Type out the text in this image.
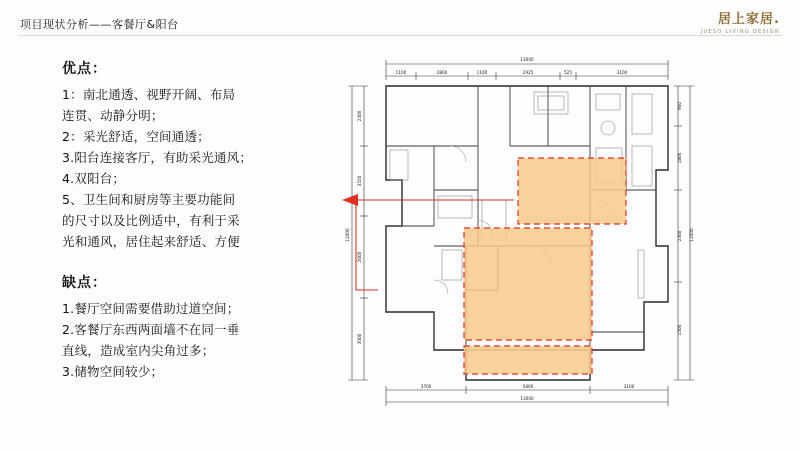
项目现状分析——客餐厅&阳台	居上家居.
JUESO LIVING DESIGN
优点：
1：南北通透、视野开阔、布局
连贯、动静分明；
2：采光舒适，空间通透；
3.阳台连接客厅，有助采光通风；
4.双阳台；
5、卫生间和厨房等主要功能间
的尺寸以及比例适中，有利于采
光和通风，居住起来舒适、方便
缺点：
1.餐厅空间需要借助过道空间；
2.客餐厅东西两面墙不在同一垂
直线，造成室内尖角过多；
3.储物空间较少；
13000
1100	2800	1100	2925	525	3100
11000
2400
3550
2000
3000
900
1800
2300
1500
11000
3700	5800	3100
13000
